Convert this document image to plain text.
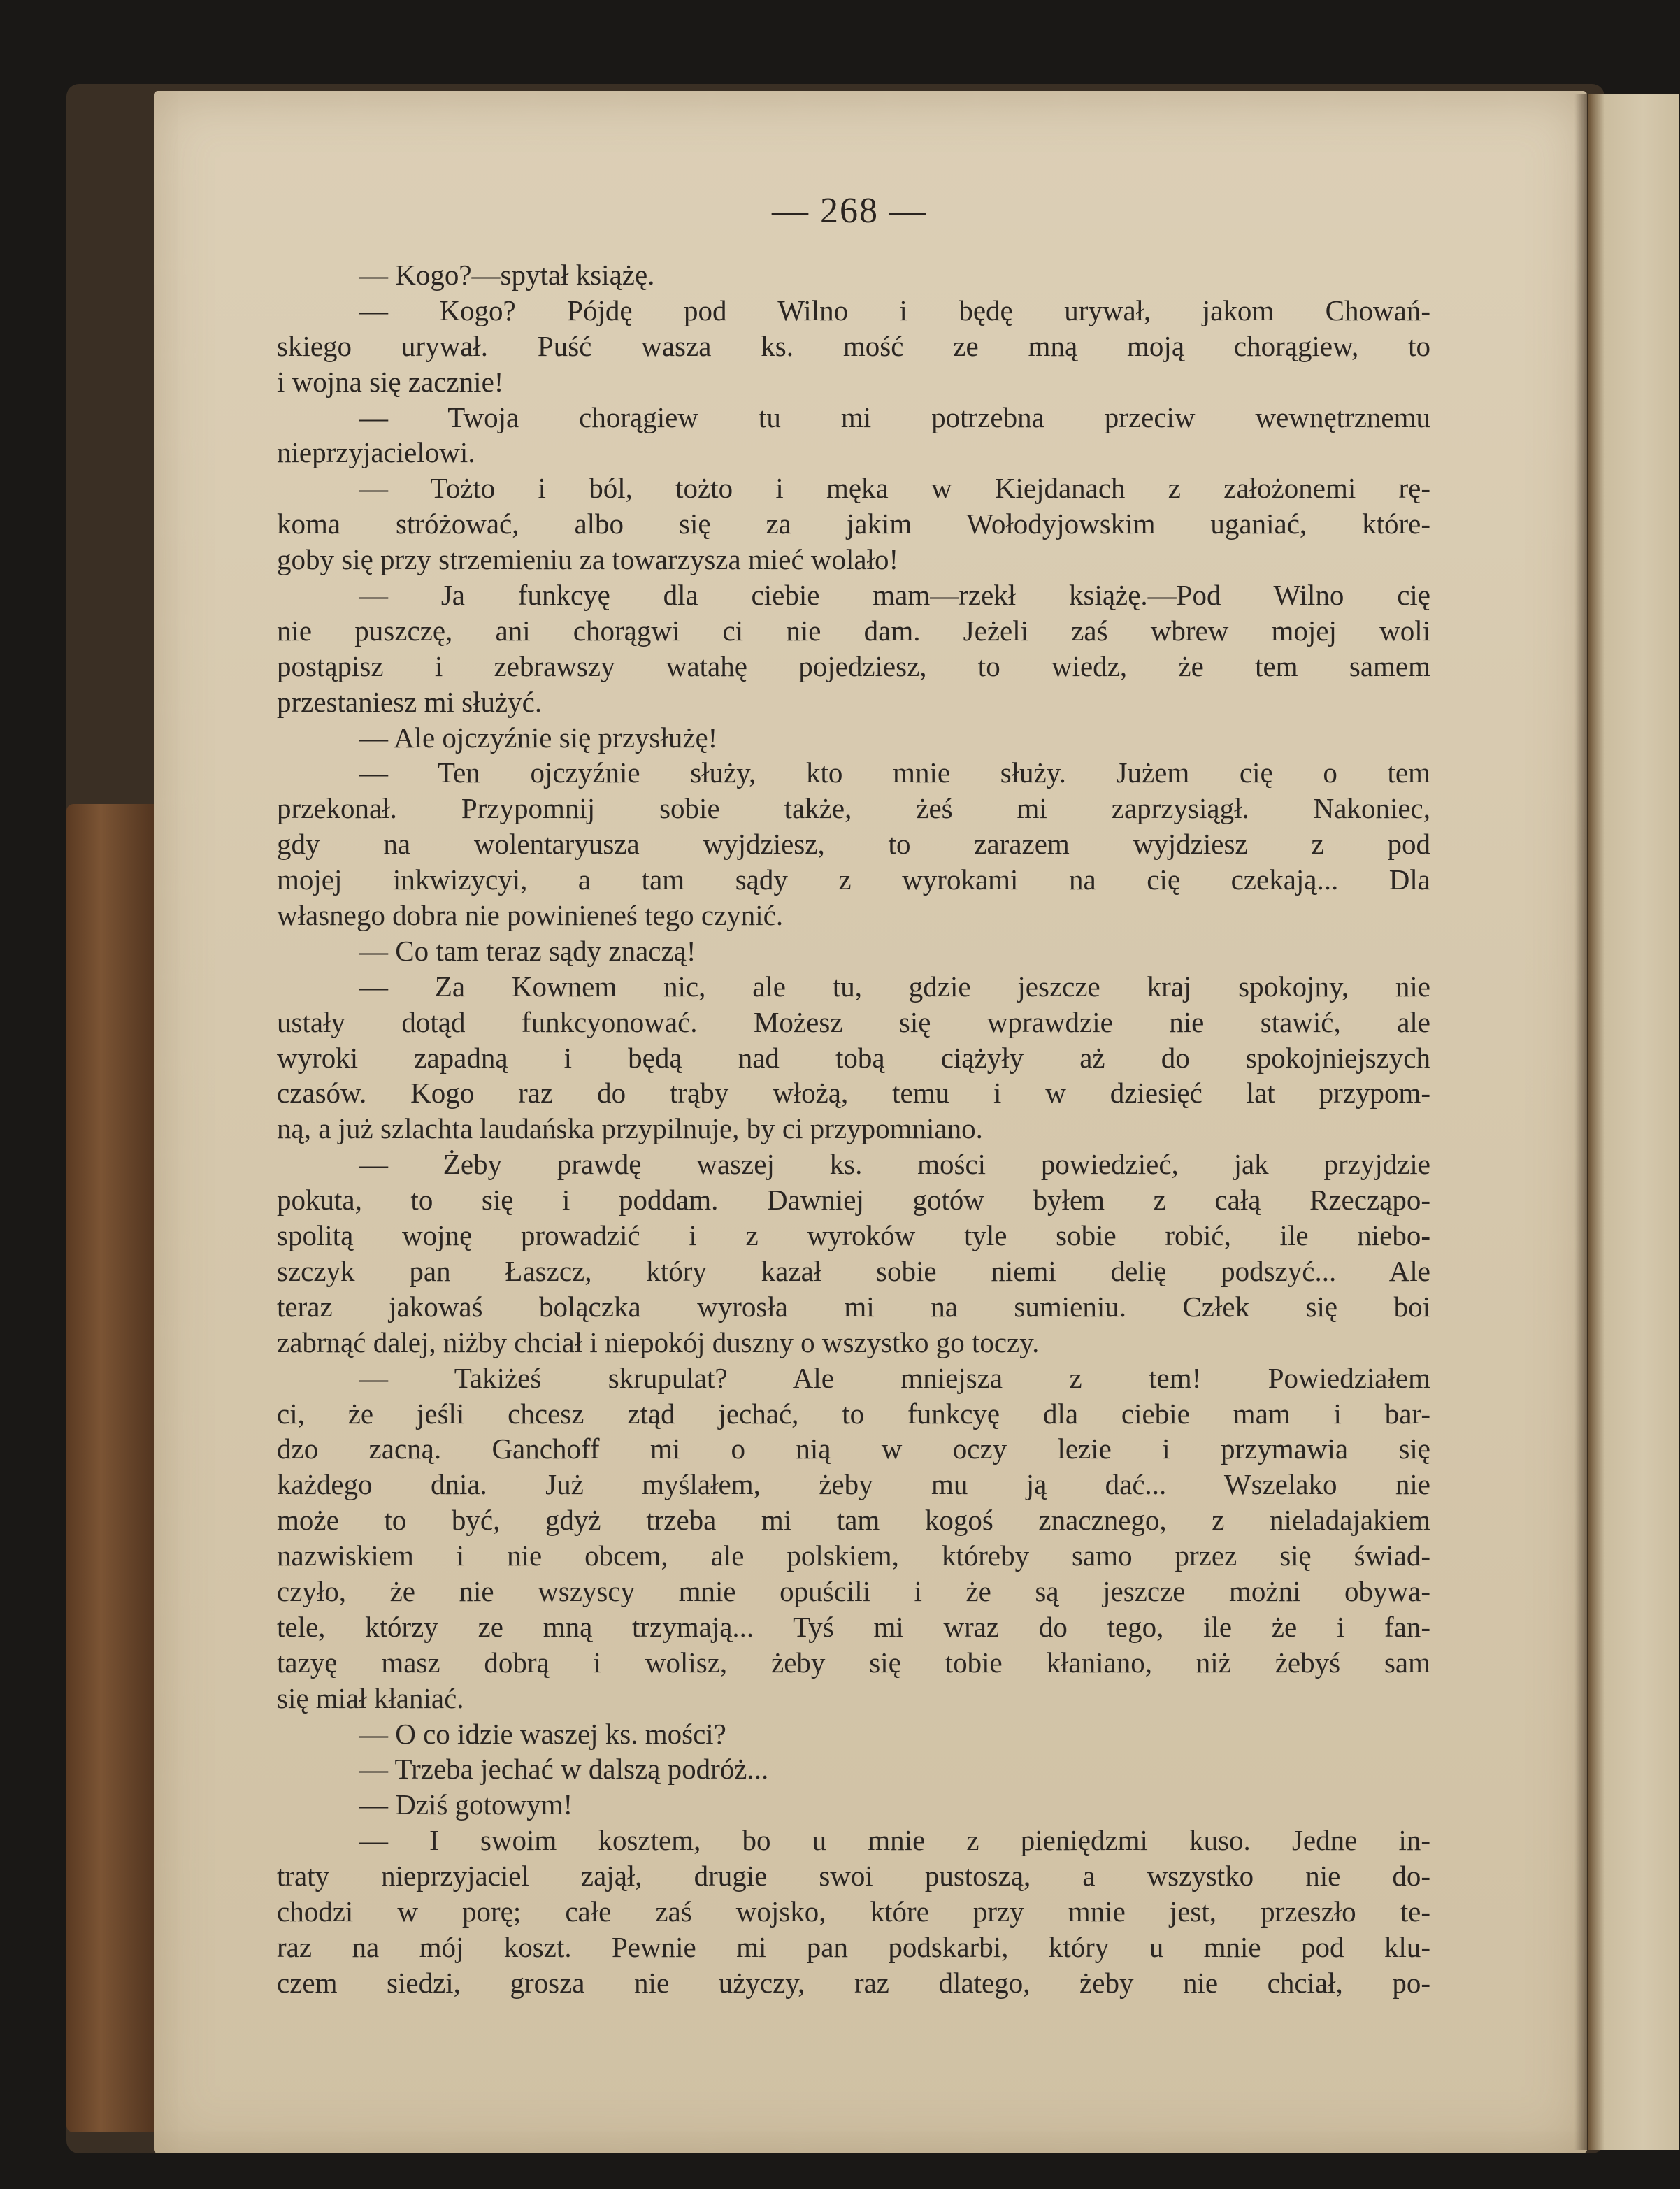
— 268 —
— Kogo?—spytał książę.
— Kogo? Pójdę pod Wilno i będę urywał, jakom Chowań-
skiego urywał. Puść wasza ks. mość ze mną moją chorągiew, to
i wojna się zacznie!
— Twoja chorągiew tu mi potrzebna przeciw wewnętrznemu
nieprzyjacielowi.
— Tożto i ból, tożto i męka w Kiejdanach z założonemi rę-
koma stróżować, albo się za jakim Wołodyjowskim uganiać, które-
goby się przy strzemieniu za towarzysza mieć wolało!
— Ja funkcyę dla ciebie mam—rzekł książę.—Pod Wilno cię
nie puszczę, ani chorągwi ci nie dam. Jeżeli zaś wbrew mojej woli
postąpisz i zebrawszy watahę pojedziesz, to wiedz, że tem samem
przestaniesz mi służyć.
— Ale ojczyźnie się przysłużę!
— Ten ojczyźnie służy, kto mnie służy. Jużem cię o tem
przekonał. Przypomnij sobie także, żeś mi zaprzysiągł. Nakoniec,
gdy na wolentaryusza wyjdziesz, to zarazem wyjdziesz z pod
mojej inkwizycyi, a tam sądy z wyrokami na cię czekają... Dla
własnego dobra nie powinieneś tego czynić.
— Co tam teraz sądy znaczą!
— Za Kownem nic, ale tu, gdzie jeszcze kraj spokojny, nie
ustały dotąd funkcyonować. Możesz się wprawdzie nie stawić, ale
wyroki zapadną i będą nad tobą ciążyły aż do spokojniejszych
czasów. Kogo raz do trąby włożą, temu i w dziesięć lat przypom-
ną, a już szlachta laudańska przypilnuje, by ci przypomniano.
— Żeby prawdę waszej ks. mości powiedzieć, jak przyjdzie
pokuta, to się i poddam. Dawniej gotów byłem z całą Rzecząpo-
spolitą wojnę prowadzić i z wyroków tyle sobie robić, ile niebo-
szczyk pan Łaszcz, który kazał sobie niemi delię podszyć... Ale
teraz jakowaś bolączka wyrosła mi na sumieniu. Człek się boi
zabrnąć dalej, niżby chciał i niepokój duszny o wszystko go toczy.
— Takiżeś skrupulat? Ale mniejsza z tem! Powiedziałem
ci, że jeśli chcesz ztąd jechać, to funkcyę dla ciebie mam i bar-
dzo zacną. Ganchoff mi o nią w oczy lezie i przymawia się
każdego dnia. Już myślałem, żeby mu ją dać... Wszelako nie
może to być, gdyż trzeba mi tam kogoś znacznego, z nieladajakiem
nazwiskiem i nie obcem, ale polskiem, któreby samo przez się świad-
czyło, że nie wszyscy mnie opuścili i że są jeszcze możni obywa-
tele, którzy ze mną trzymają... Tyś mi wraz do tego, ile że i fan-
tazyę masz dobrą i wolisz, żeby się tobie kłaniano, niż żebyś sam
się miał kłaniać.
— O co idzie waszej ks. mości?
— Trzeba jechać w dalszą podróż...
— Dziś gotowym!
— I swoim kosztem, bo u mnie z pieniędzmi kuso. Jedne in-
traty nieprzyjaciel zajął, drugie swoi pustoszą, a wszystko nie do-
chodzi w porę; całe zaś wojsko, które przy mnie jest, przeszło te-
raz na mój koszt. Pewnie mi pan podskarbi, który u mnie pod klu-
czem siedzi, grosza nie użyczy, raz dlatego, żeby nie chciał, po-
